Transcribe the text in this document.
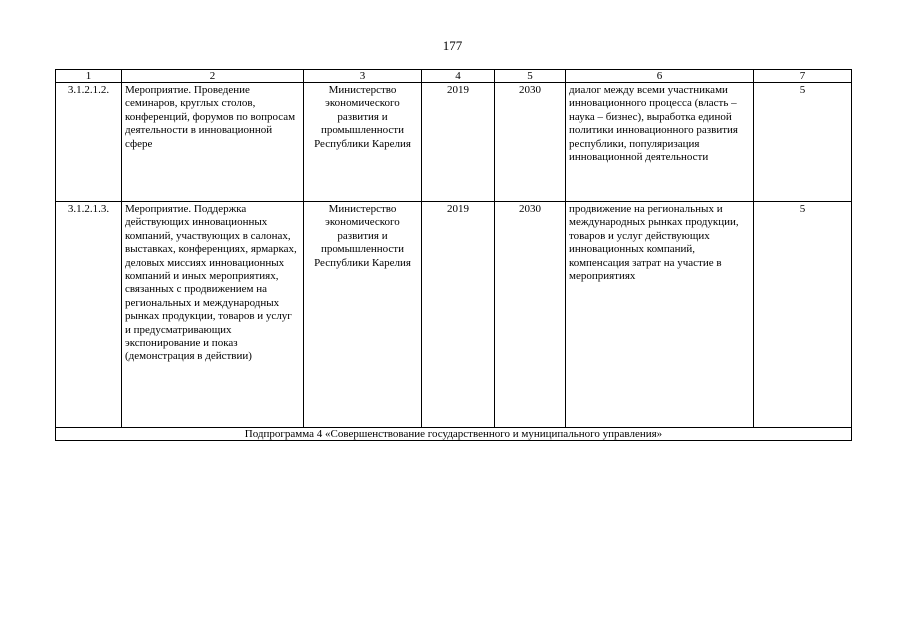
177
1	2	3	4	5	6	7
3.1.2.1.2.	Мероприятие. Проведение семинаров, круглых столов, конференций, форумов по вопросам деятельности в инновационной сфере	Министерство экономического развития и промышленности Республики Карелия	2019	2030	диалог между всеми участниками инновационного процесса (власть – наука – бизнес), выработка единой политики инновационного развития республики, популяризация инновационной деятельности	5
3.1.2.1.3.	Мероприятие. Поддержка действующих инновационных компаний, участвующих в салонах, выставках, конференциях, ярмарках, деловых миссиях инновационных компаний и иных мероприятиях, связанных с продвижением на региональных и международных рынках продукции, товаров и услуг и предусматривающих экспонирование и показ (демонстрация в действии)	Министерство экономического развития и промышленности Республики Карелия	2019	2030	продвижение на региональных и международных рынках продукции, товаров и услуг действующих инновационных компаний, компенсация затрат на участие в мероприятиях	5
Подпрограмма 4 «Совершенствование государственного и муниципального управления»						
